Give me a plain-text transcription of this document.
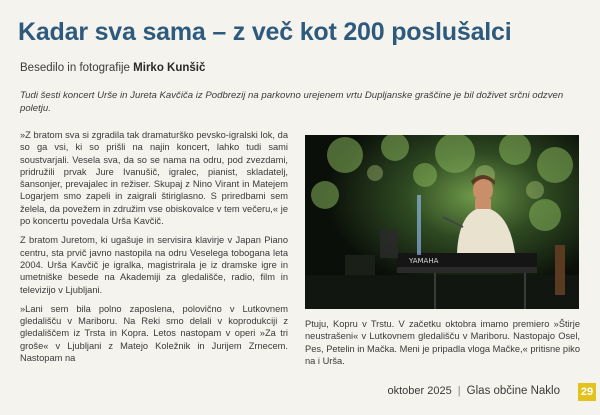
Kadar sva sama – z več kot 200 poslušalci
Besedilo in fotografije Mirko Kunšič
Tudi šesti koncert Urše in Jureta Kavčiča iz Podbrezij na parkovno urejenem vrtu Dupljanske graščine je bil doživet srčni odzven poletju.

»Z bratom sva si zgradila tak dramaturško pevsko-igralski lok, da so ga vsi, ki so prišli na najin koncert, lahko tudi sami soustvarjali. Vesela sva, da so se nama na odru, pod zvezdami, pridružili prvak Jure Ivanušič, igralec, pianist, skladatelj, šansonjer, prevajalec in režiser. Skupaj z Nino Virant in Matejem Logarjem smo zapeli in zaigrali štiriglasno. S priredbami sem želela, da povežem in združim vse obiskovalce v tem večeru,« je po koncertu povedala Urša Kavčič.

Z bratom Juretom, ki ugašuje in servisira klavirje v Japan Piano centru, sta prvič javno nastopila na odru Veselega tobogana leta 2004. Urša Kavčič je igralka, magistrirala je iz dramske igre in umetniške besede na Akademiji za gledališče, radio, film in televizijo v Ljubljani.

»Lani sem bila polno zaposlena, polovično v Lutkovnem gledališču v Mariboru. Na Reki smo delali v koprodukciji z gledališčem iz Trsta in Kopra. Letos nastopam v operi »Za tri groše« v Ljubljani z Matejo Koležnik in Jurijem Zrnecem. Nastopam na

YAMAHA

Ptuju, Kopru v Trstu. V začetku oktobra imamo premiero »Štirje neustrašeni« v Lutkovnem gledališču v Mariboru. Nastopajo Osel, Pes, Petelin in Mačka. Meni je pripadla vloga Mačke,« pritisne piko na i Urša.

oktober 2025 | Glas občine Naklo 29
